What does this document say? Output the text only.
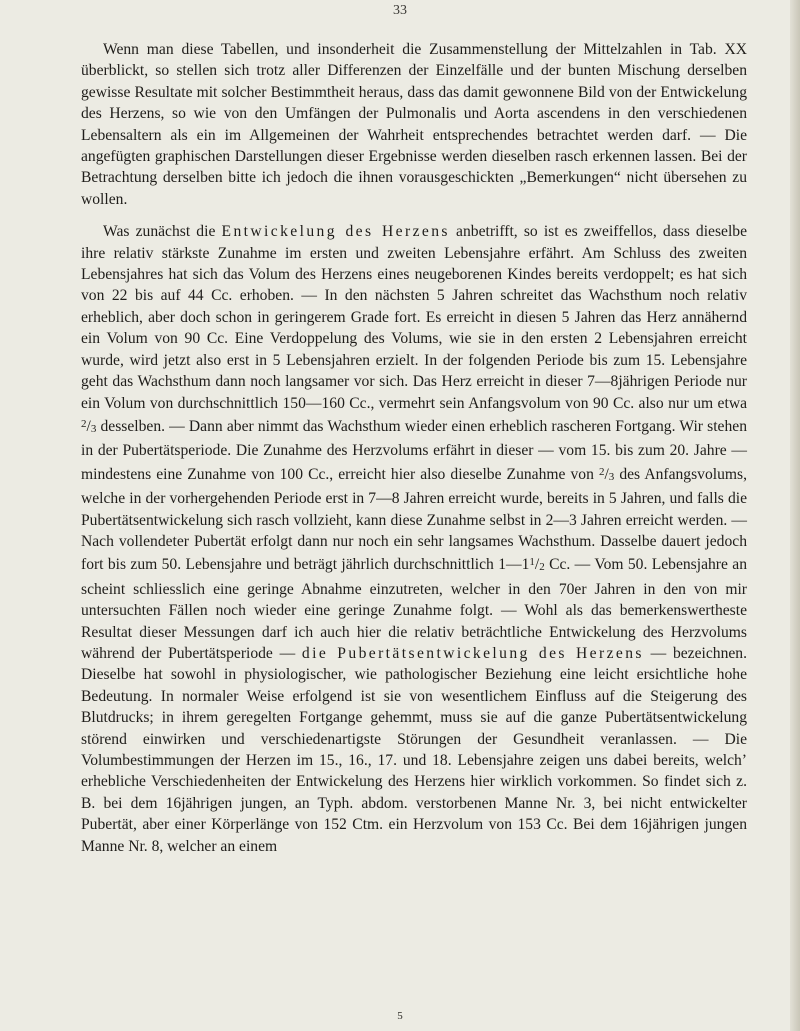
33

Wenn man diese Tabellen, und insonderheit die Zusammenstellung der Mittelzahlen in Tab. XX überblickt, so stellen sich trotz aller Differenzen der Einzelfälle und der bunten Mischung derselben gewisse Resultate mit solcher Bestimmtheit heraus, dass das damit gewonnene Bild von der Entwickelung des Herzens, so wie von den Umfängen der Pulmonalis und Aorta ascendens in den verschiedenen Lebensaltern als ein im Allgemeinen der Wahrheit entsprechendes betrachtet werden darf. — Die angefügten graphischen Darstellungen dieser Ergebnisse werden dieselben rasch erkennen lassen. Bei der Betrachtung derselben bitte ich jedoch die ihnen vorausgeschickten „Bemerkungen“ nicht übersehen zu wollen.

Was zunächst die Entwickelung des Herzens anbetrifft, so ist es zweiffellos, dass dieselbe ihre relativ stärkste Zunahme im ersten und zweiten Lebensjahre erfährt. Am Schluss des zweiten Lebensjahres hat sich das Volum des Herzens eines neugeborenen Kindes bereits verdoppelt; es hat sich von 22 bis auf 44 Cc. erhoben. — In den nächsten 5 Jahren schreitet das Wachsthum noch relativ erheblich, aber doch schon in geringerem Grade fort. Es erreicht in diesen 5 Jahren das Herz annähernd ein Volum von 90 Cc. Eine Verdoppelung des Volums, wie sie in den ersten 2 Lebensjahren erreicht wurde, wird jetzt also erst in 5 Lebensjahren erzielt. In der folgenden Periode bis zum 15. Lebensjahre geht das Wachsthum dann noch langsamer vor sich. Das Herz erreicht in dieser 7—8jährigen Periode nur ein Volum von durchschnittlich 150—160 Cc., vermehrt sein Anfangsvolum von 90 Cc. also nur um etwa $^2/_3$ desselben. — Dann aber nimmt das Wachsthum wieder einen erheblich rascheren Fortgang. Wir stehen in der Pubertätsperiode. Die Zunahme des Herzvolums erfährt in dieser — vom 15. bis zum 20. Jahre — mindestens eine Zunahme von 100 Cc., erreicht hier also dieselbe Zunahme von $^2/_3$ des Anfangsvolums, welche in der vorhergehenden Periode erst in 7—8 Jahren erreicht wurde, bereits in 5 Jahren, und falls die Pubertätsentwickelung sich rasch vollzieht, kann diese Zunahme selbst in 2—3 Jahren erreicht werden. — Nach vollendeter Pubertät erfolgt dann nur noch ein sehr langsames Wachsthum. Dasselbe dauert jedoch fort bis zum 50. Lebensjahre und beträgt jährlich durchschnittlich $1—1^1/_2$ Cc. — Vom 50. Lebensjahre an scheint schliesslich eine geringe Abnahme einzutreten, welcher in den 70er Jahren in den von mir untersuchten Fällen noch wieder eine geringe Zunahme folgt. — Wohl als das bemerkenswertheste Resultat dieser Messungen darf ich auch hier die relativ beträchtliche Entwickelung des Herzvolums während der Pubertätsperiode — die Pubertätsentwickelung des Herzens — bezeichnen. Dieselbe hat sowohl in physiologischer, wie pathologischer Beziehung eine leicht ersichtliche hohe Bedeutung. In normaler Weise erfolgend ist sie von wesentlichem Einfluss auf die Steigerung des Blutdrucks; in ihrem geregelten Fortgange gehemmt, muss sie auf die ganze Pubertätsentwickelung störend einwirken und verschiedenartigste Störungen der Gesundheit veranlassen. — Die Volumbestimmungen der Herzen im 15., 16., 17. und 18. Lebensjahre zeigen uns dabei bereits, welch’ erhebliche Verschiedenheiten der Entwickelung des Herzens hier wirklich vorkommen. So findet sich z. B. bei dem 16jährigen jungen, an Typh. abdom. verstorbenen Manne Nr. 3, bei nicht entwickelter Pubertät, aber einer Körperlänge von 152 Ctm. ein Herzvolum von 153 Cc. Bei dem 16jährigen jungen Manne Nr. 8, welcher an einem

5
